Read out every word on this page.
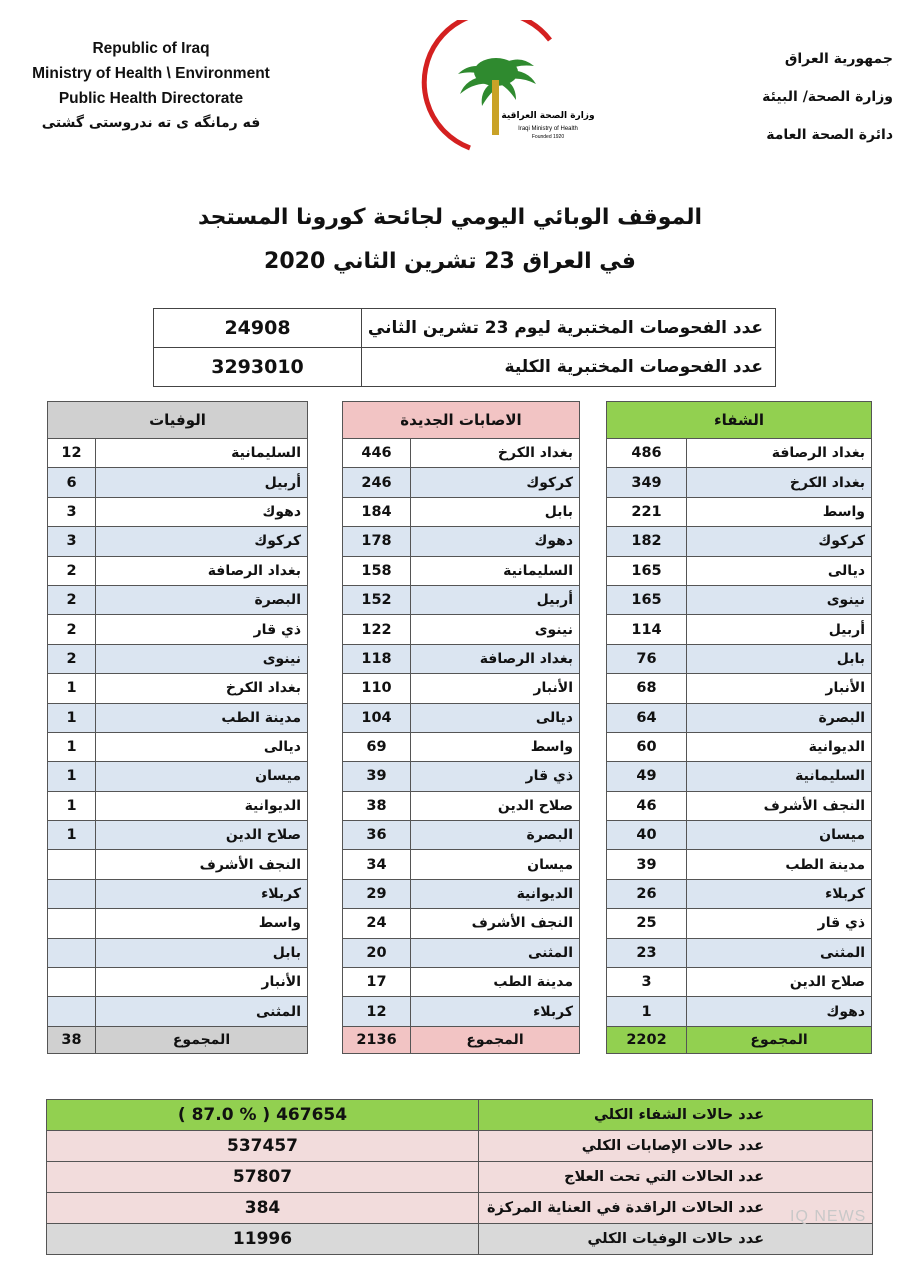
Republic of Iraq
Ministry of Health \ Environment
Public Health Directorate
فه رمانگه ى ته ندروستى گشتى
جمهورية العراق
وزارة الصحة/ البيئة
دائرة الصحة العامة
وزارة الصحة العراقية
Iraqi Ministry of Health
Founded 1920
الموقف الوبائي اليومي لجائحة كورونا المستجد
في العراق 23 تشرين الثاني 2020
24908	عدد الفحوصات المختبرية ليوم 23 تشرين الثاني
3293010	عدد الفحوصات المختبرية الكلية
الوفيات	
12	السليمانية
6	أربيل
3	دهوك
3	كركوك
2	بغداد الرصافة
2	البصرة
2	ذي قار
2	نينوى
1	بغداد الكرخ
1	مدينة الطب
1	ديالى
1	ميسان
1	الديوانية
1	صلاح الدين
	النجف الأشرف
	كربلاء
	واسط
	بابل
	الأنبار
	المثنى
38	المجموع
الاصابات الجديدة	
446	بغداد الكرخ
246	كركوك
184	بابل
178	دهوك
158	السليمانية
152	أربيل
122	نينوى
118	بغداد الرصافة
110	الأنبار
104	ديالى
69	واسط
39	ذي قار
38	صلاح الدين
36	البصرة
34	ميسان
29	الديوانية
24	النجف الأشرف
20	المثنى
17	مدينة الطب
12	كربلاء
2136	المجموع
الشفاء	
486	بغداد الرصافة
349	بغداد الكرخ
221	واسط
182	كركوك
165	ديالى
165	نينوى
114	أربيل
76	بابل
68	الأنبار
64	البصرة
60	الديوانية
49	السليمانية
46	النجف الأشرف
40	ميسان
39	مدينة الطب
26	كربلاء
25	ذي قار
23	المثنى
3	صلاح الدين
1	دهوك
2202	المجموع
( 87.0 % ) 467654	عدد حالات الشفاء الكلي
537457	عدد حالات الإصابات الكلي
57807	عدد الحالات التي تحت العلاج
384	عدد الحالات الراقدة في العناية المركزة
11996	عدد حالات الوفيات الكلي
IQ NEWS
